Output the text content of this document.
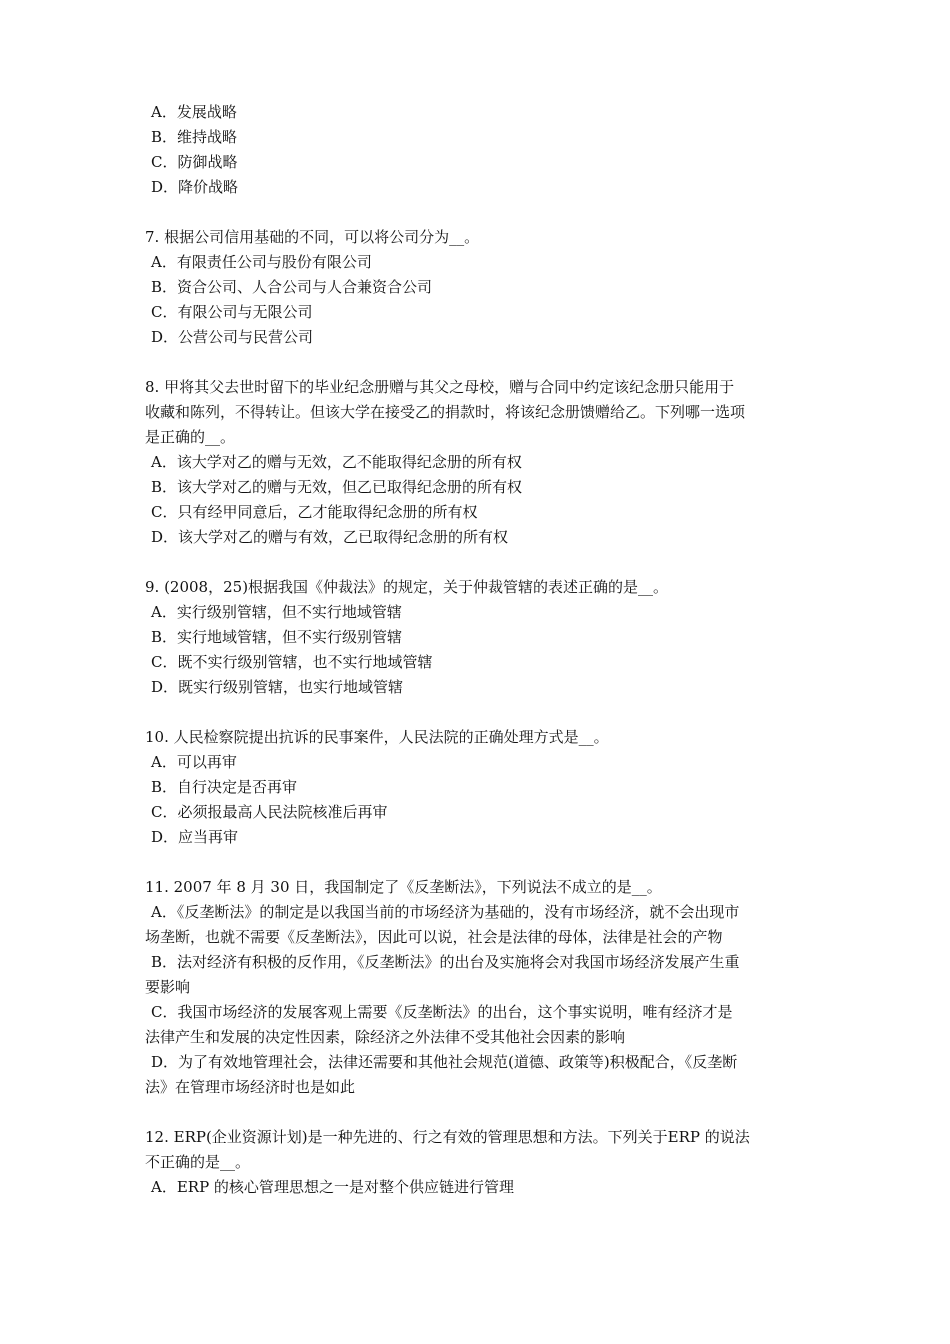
A．发展战略
B．维持战略
C．防御战略
D．降价战略
7. 根据公司信用基础的不同，可以将公司分为__。
A．有限责任公司与股份有限公司
B．资合公司、人合公司与人合兼资合公司
C．有限公司与无限公司
D．公营公司与民营公司
8. 甲将其父去世时留下的毕业纪念册赠与其父之母校，赠与合同中约定该纪念册只能用于
收藏和陈列，不得转让。但该大学在接受乙的捐款时，将该纪念册馈赠给乙。下列哪一选项
是正确的__。
A．该大学对乙的赠与无效，乙不能取得纪念册的所有权
B．该大学对乙的赠与无效，但乙已取得纪念册的所有权
C．只有经甲同意后，乙才能取得纪念册的所有权
D．该大学对乙的赠与有效，乙已取得纪念册的所有权
9. (2008，25)根据我国《仲裁法》的规定，关于仲裁管辖的表述正确的是__。
A．实行级别管辖，但不实行地域管辖
B．实行地域管辖，但不实行级别管辖
C．既不实行级别管辖，也不实行地域管辖
D．既实行级别管辖，也实行地域管辖
10. 人民检察院提出抗诉的民事案件，人民法院的正确处理方式是__。
A．可以再审
B．自行决定是否再审
C．必须报最高人民法院核准后再审
D．应当再审
11. 2007 年 8 月 30 日，我国制定了《反垄断法》，下列说法不成立的是__。
A．《反垄断法》的制定是以我国当前的市场经济为基础的，没有市场经济，就不会出现市
场垄断，也就不需要《反垄断法》，因此可以说，社会是法律的母体，法律是社会的产物
B．法对经济有积极的反作用，《反垄断法》的出台及实施将会对我国市场经济发展产生重
要影响
C．我国市场经济的发展客观上需要《反垄断法》的出台，这个事实说明，唯有经济才是
法律产生和发展的决定性因素，除经济之外法律不受其他社会因素的影响
D．为了有效地管理社会，法律还需要和其他社会规范(道德、政策等)积极配合，《反垄断
法》在管理市场经济时也是如此
12. ERP(企业资源计划)是一种先进的、行之有效的管理思想和方法。下列关于ERP 的说法
不正确的是__。
A．ERP 的核心管理思想之一是对整个供应链进行管理
